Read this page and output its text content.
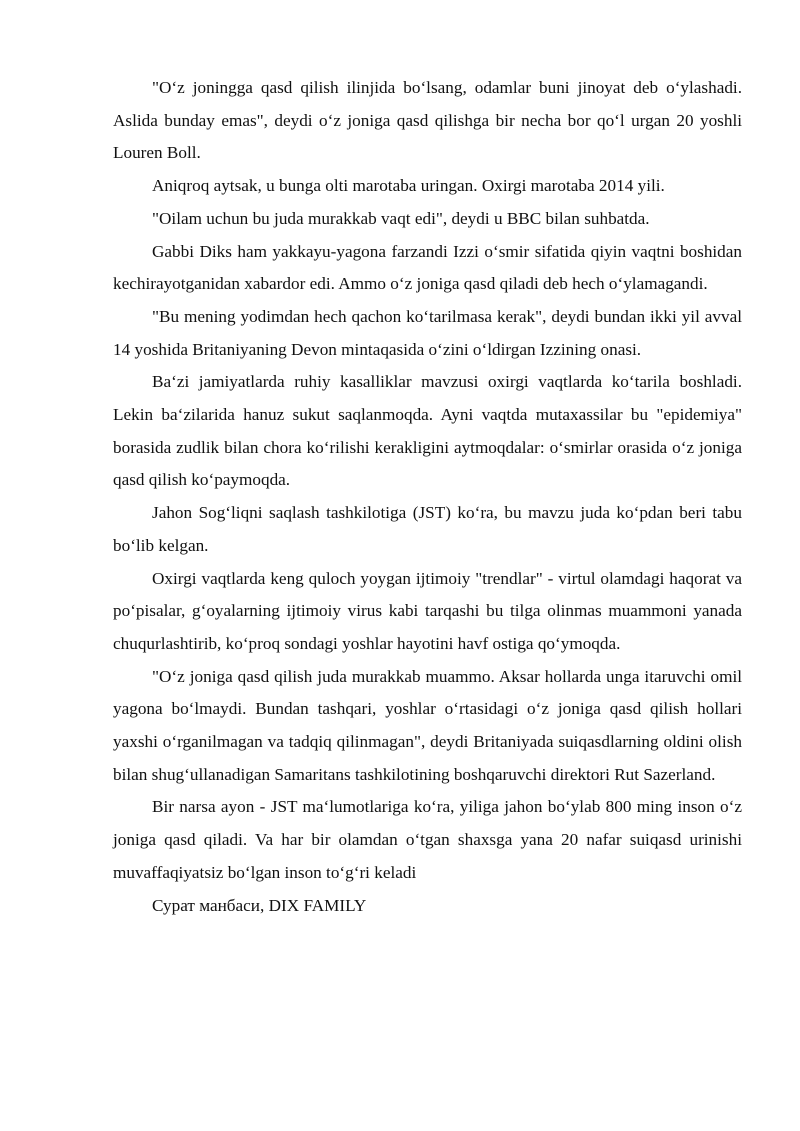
"O‘z joningga qasd qilish ilinjida bo‘lsang, odamlar buni jinoyat deb o‘ylashadi. Aslida bunday emas", deydi o‘z joniga qasd qilishga bir necha bor qo‘l urgan 20 yoshli Louren Boll.

Aniqroq aytsak, u bunga olti marotaba uringan. Oxirgi marotaba 2014 yili.

"Oilam uchun bu juda murakkab vaqt edi", deydi u BBC bilan suhbatda.

Gabbi Diks ham yakkayu-yagona farzandi Izzi o‘smir sifatida qiyin vaqtni boshidan kechirayotganidan xabardor edi. Ammo o‘z joniga qasd qiladi deb hech o‘ylamagandi.

"Bu mening yodimdan hech qachon ko‘tarilmasa kerak", deydi bundan ikki yil avval 14 yoshida Britaniyaning Devon mintaqasida o‘zini o‘ldirgan Izzining onasi.

Ba‘zi jamiyatlarda ruhiy kasalliklar mavzusi oxirgi vaqtlarda ko‘tarila boshladi. Lekin ba‘zilarida hanuz sukut saqlanmoqda. Ayni vaqtda mutaxassilar bu "epidemiya" borasida zudlik bilan chora ko‘rilishi kerakligini aytmoqdalar: o‘smirlar orasida o‘z joniga qasd qilish ko‘paymoqda.

Jahon Sog‘liqni saqlash tashkilotiga (JST) ko‘ra, bu mavzu juda ko‘pdan beri tabu bo‘lib kelgan.

Oxirgi vaqtlarda keng quloch yoygan ijtimoiy "trendlar" - virtul olamdagi haqorat va po‘pisalar, g‘oyalarning ijtimoiy virus kabi tarqashi bu tilga olinmas muammoni yanada chuqurlashtirib, ko‘proq sondagi yoshlar hayotini havf ostiga qo‘ymoqda.

"O‘z joniga qasd qilish juda murakkab muammo. Aksar hollarda unga itaruvchi omil yagona bo‘lmaydi. Bundan tashqari, yoshlar o‘rtasidagi o‘z joniga qasd qilish hollari yaxshi o‘rganilmagan va tadqiq qilinmagan", deydi Britaniyada suiqasdlarning oldini olish bilan shug‘ullanadigan Samaritans tashkilotining boshqaruvchi direktori Rut Sazerland.

Bir narsa ayon - JST ma‘lumotlariga ko‘ra, yiliga jahon bo‘ylab 800 ming inson o‘z joniga qasd qiladi. Va har bir olamdan o‘tgan shaxsga yana 20 nafar suiqasd urinishi muvaffaqiyatsiz bo‘lgan inson to‘g‘ri keladi

Сурат манбаси, DIX FAMILY
